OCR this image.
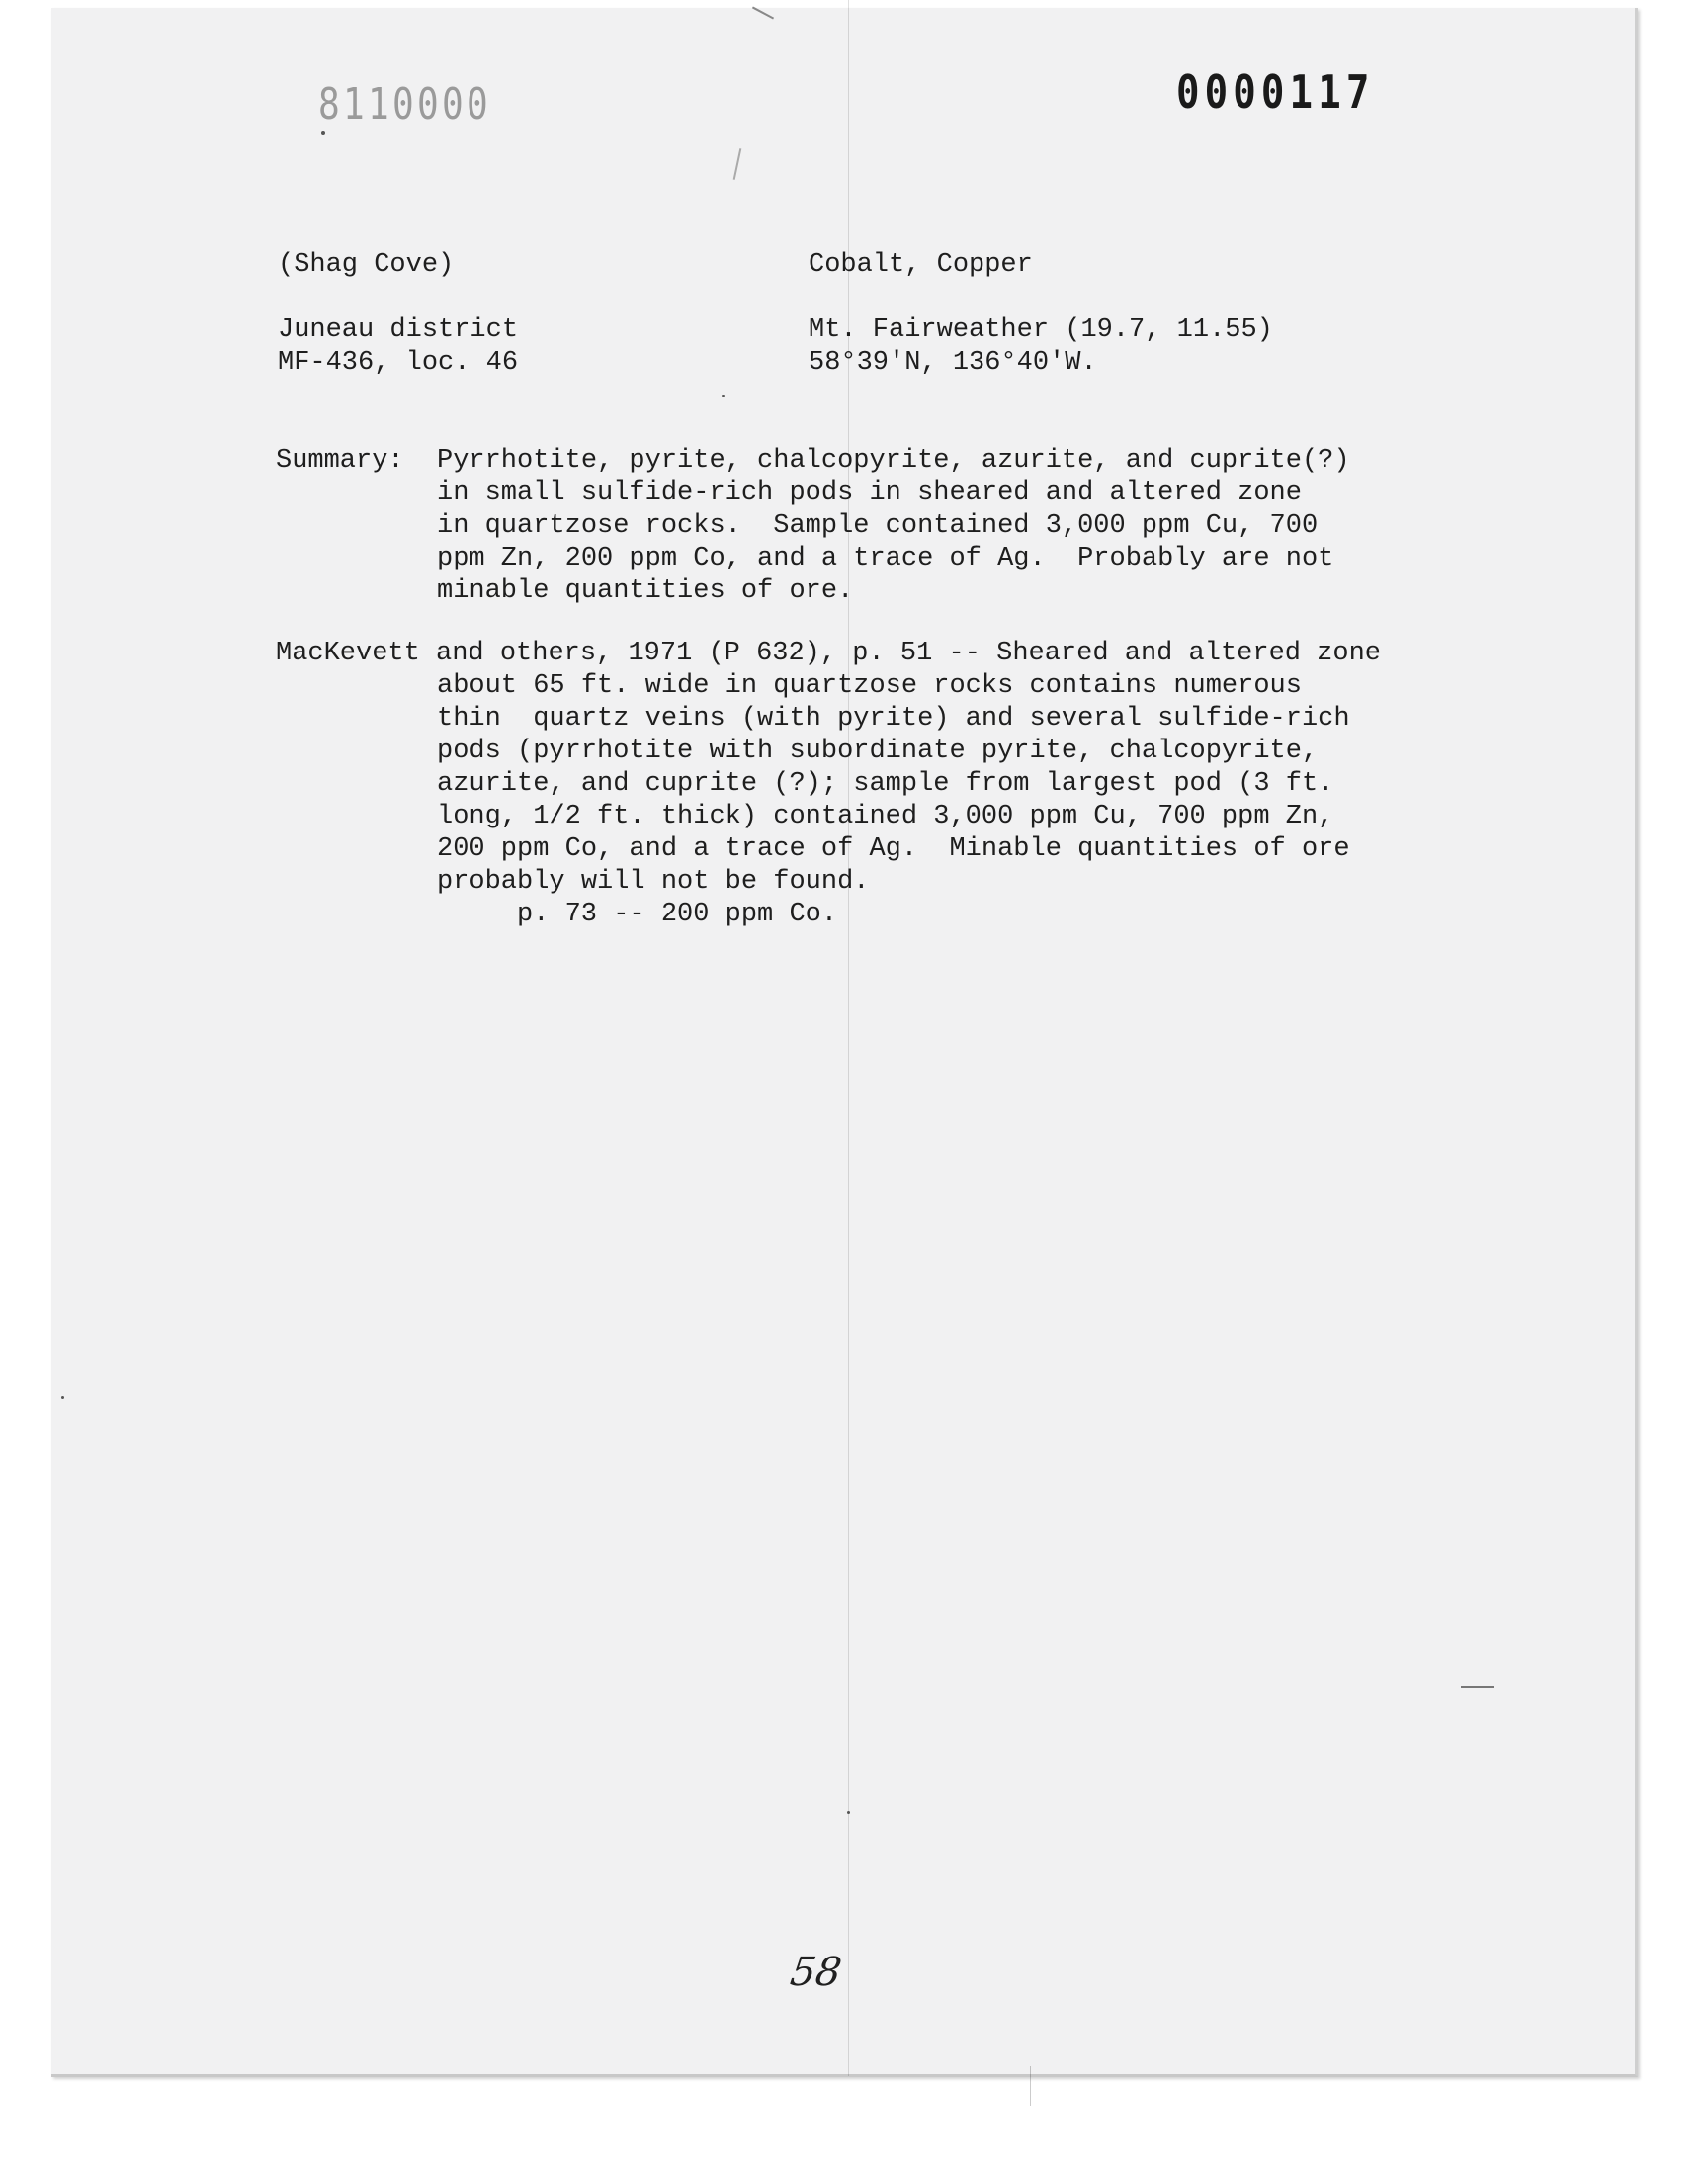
8110000	0000117
(Shag Cove)
Juneau district
MF-436, loc. 46
Cobalt, Copper
Mt. Fairweather (19.7, 11.55)
58°39'N, 136°40'W.
Summary: Pyrrhotite, pyrite, chalcopyrite, azurite, and cuprite(?)
in small sulfide-rich pods in sheared and altered zone
in quartzose rocks.  Sample contained 3,000 ppm Cu, 700
ppm Zn, 200 ppm Co, and a trace of Ag.  Probably are not
minable quantities of ore.
MacKevett and others, 1971 (P 632), p. 51 -- Sheared and altered zone
about 65 ft. wide in quartzose rocks contains numerous
thin  quartz veins (with pyrite) and several sulfide-rich
pods (pyrrhotite with subordinate pyrite, chalcopyrite,
azurite, and cuprite (?); sample from largest pod (3 ft.
long, 1/2 ft. thick) contained 3,000 ppm Cu, 700 ppm Zn,
200 ppm Co, and a trace of Ag.  Minable quantities of ore
probably will not be found.
p. 73 -- 200 ppm Co.
58
